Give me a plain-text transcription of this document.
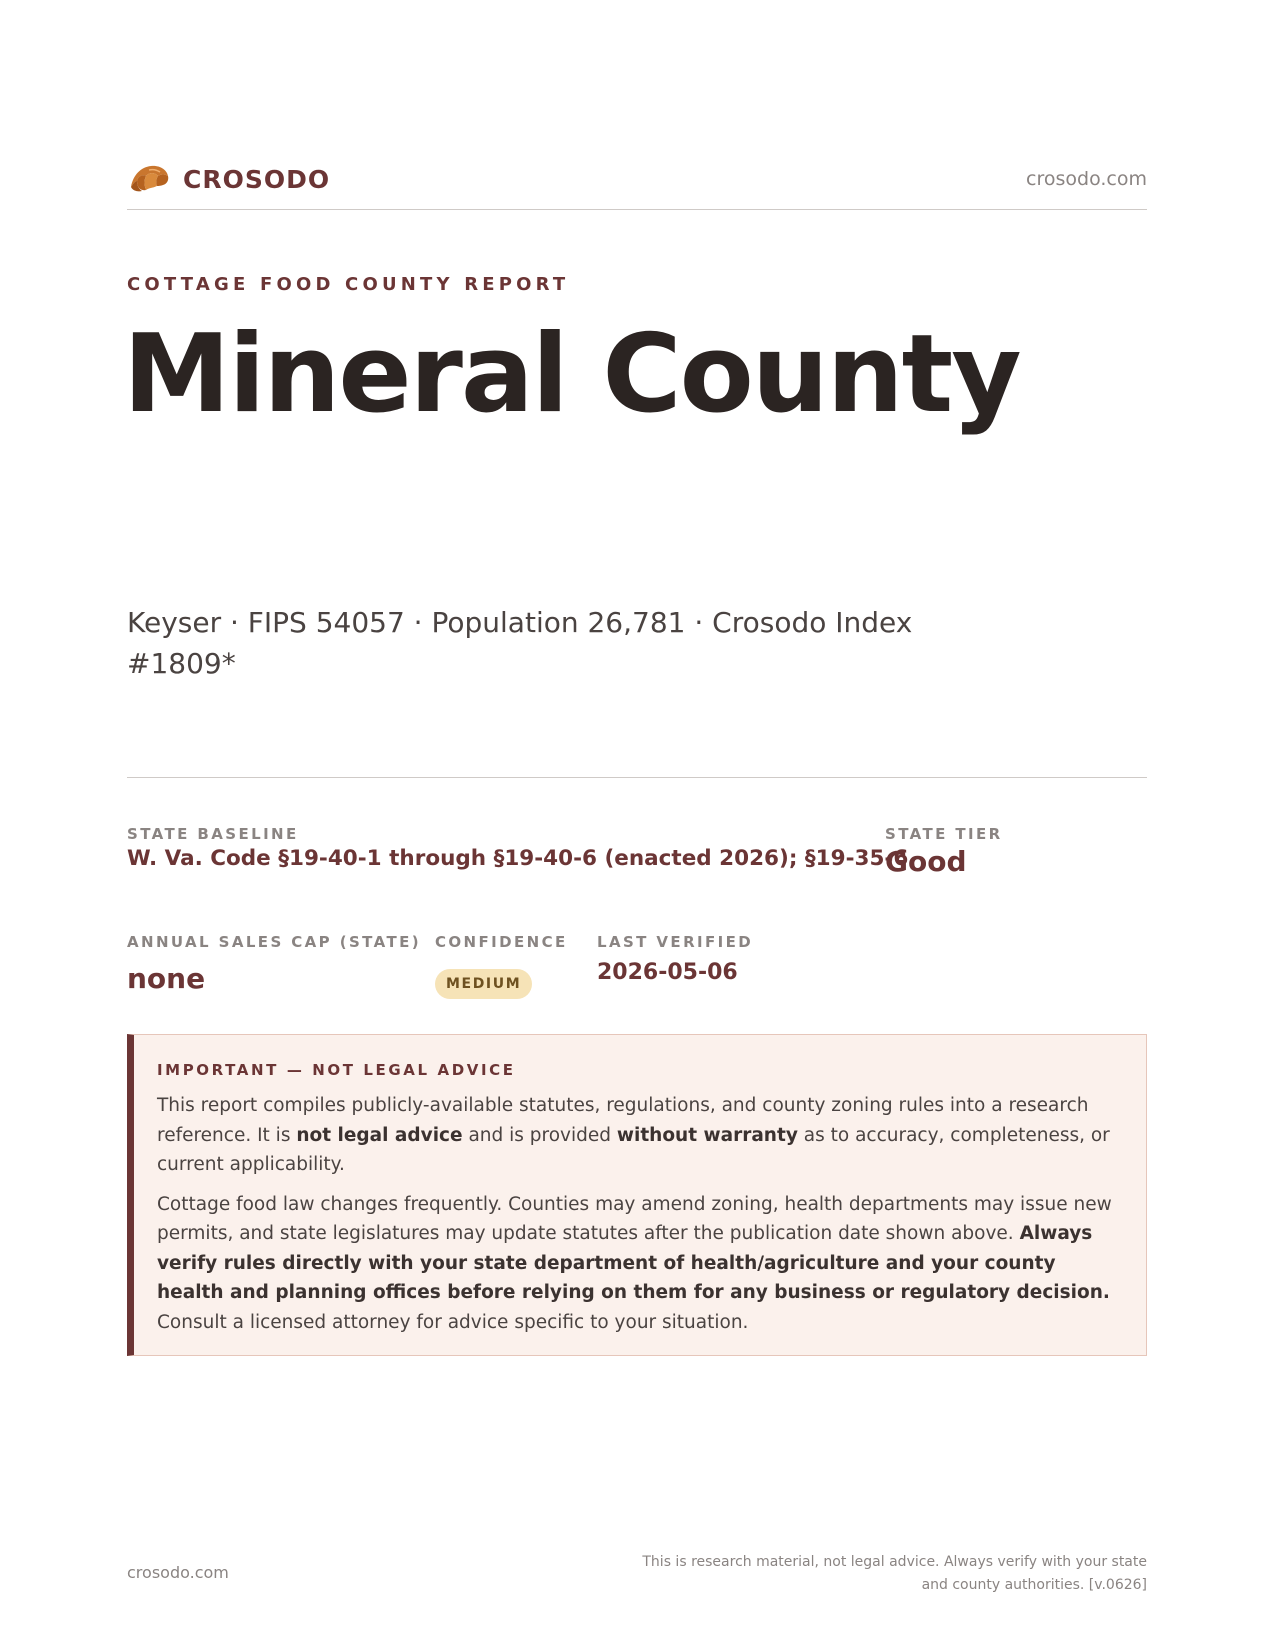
CROSODO	crosodo.com
COTTAGE FOOD COUNTY REPORT
Mineral County
Keyser · FIPS 54057 · Population 26,781 · Crosodo Index #1809*
STATE BASELINE
W. Va. Code §19-40-1 through §19-40-6 (enacted 2026); §19-35-6
STATE TIER
Good
ANNUAL SALES CAP (STATE)
none
CONFIDENCE
MEDIUM
LAST VERIFIED
2026-05-06
IMPORTANT — NOT LEGAL ADVICE

This report compiles publicly-available statutes, regulations, and county zoning rules into a research reference. It is not legal advice and is provided without warranty as to accuracy, completeness, or current applicability.

Cottage food law changes frequently. Counties may amend zoning, health departments may issue new permits, and state legislatures may update statutes after the publication date shown above. Always verify rules directly with your state department of health/agriculture and your county health and planning offices before relying on them for any business or regulatory decision. Consult a licensed attorney for advice specific to your situation.

crosodo.com
This is research material, not legal advice. Always verify with your state
and county authorities. [v.0626]
